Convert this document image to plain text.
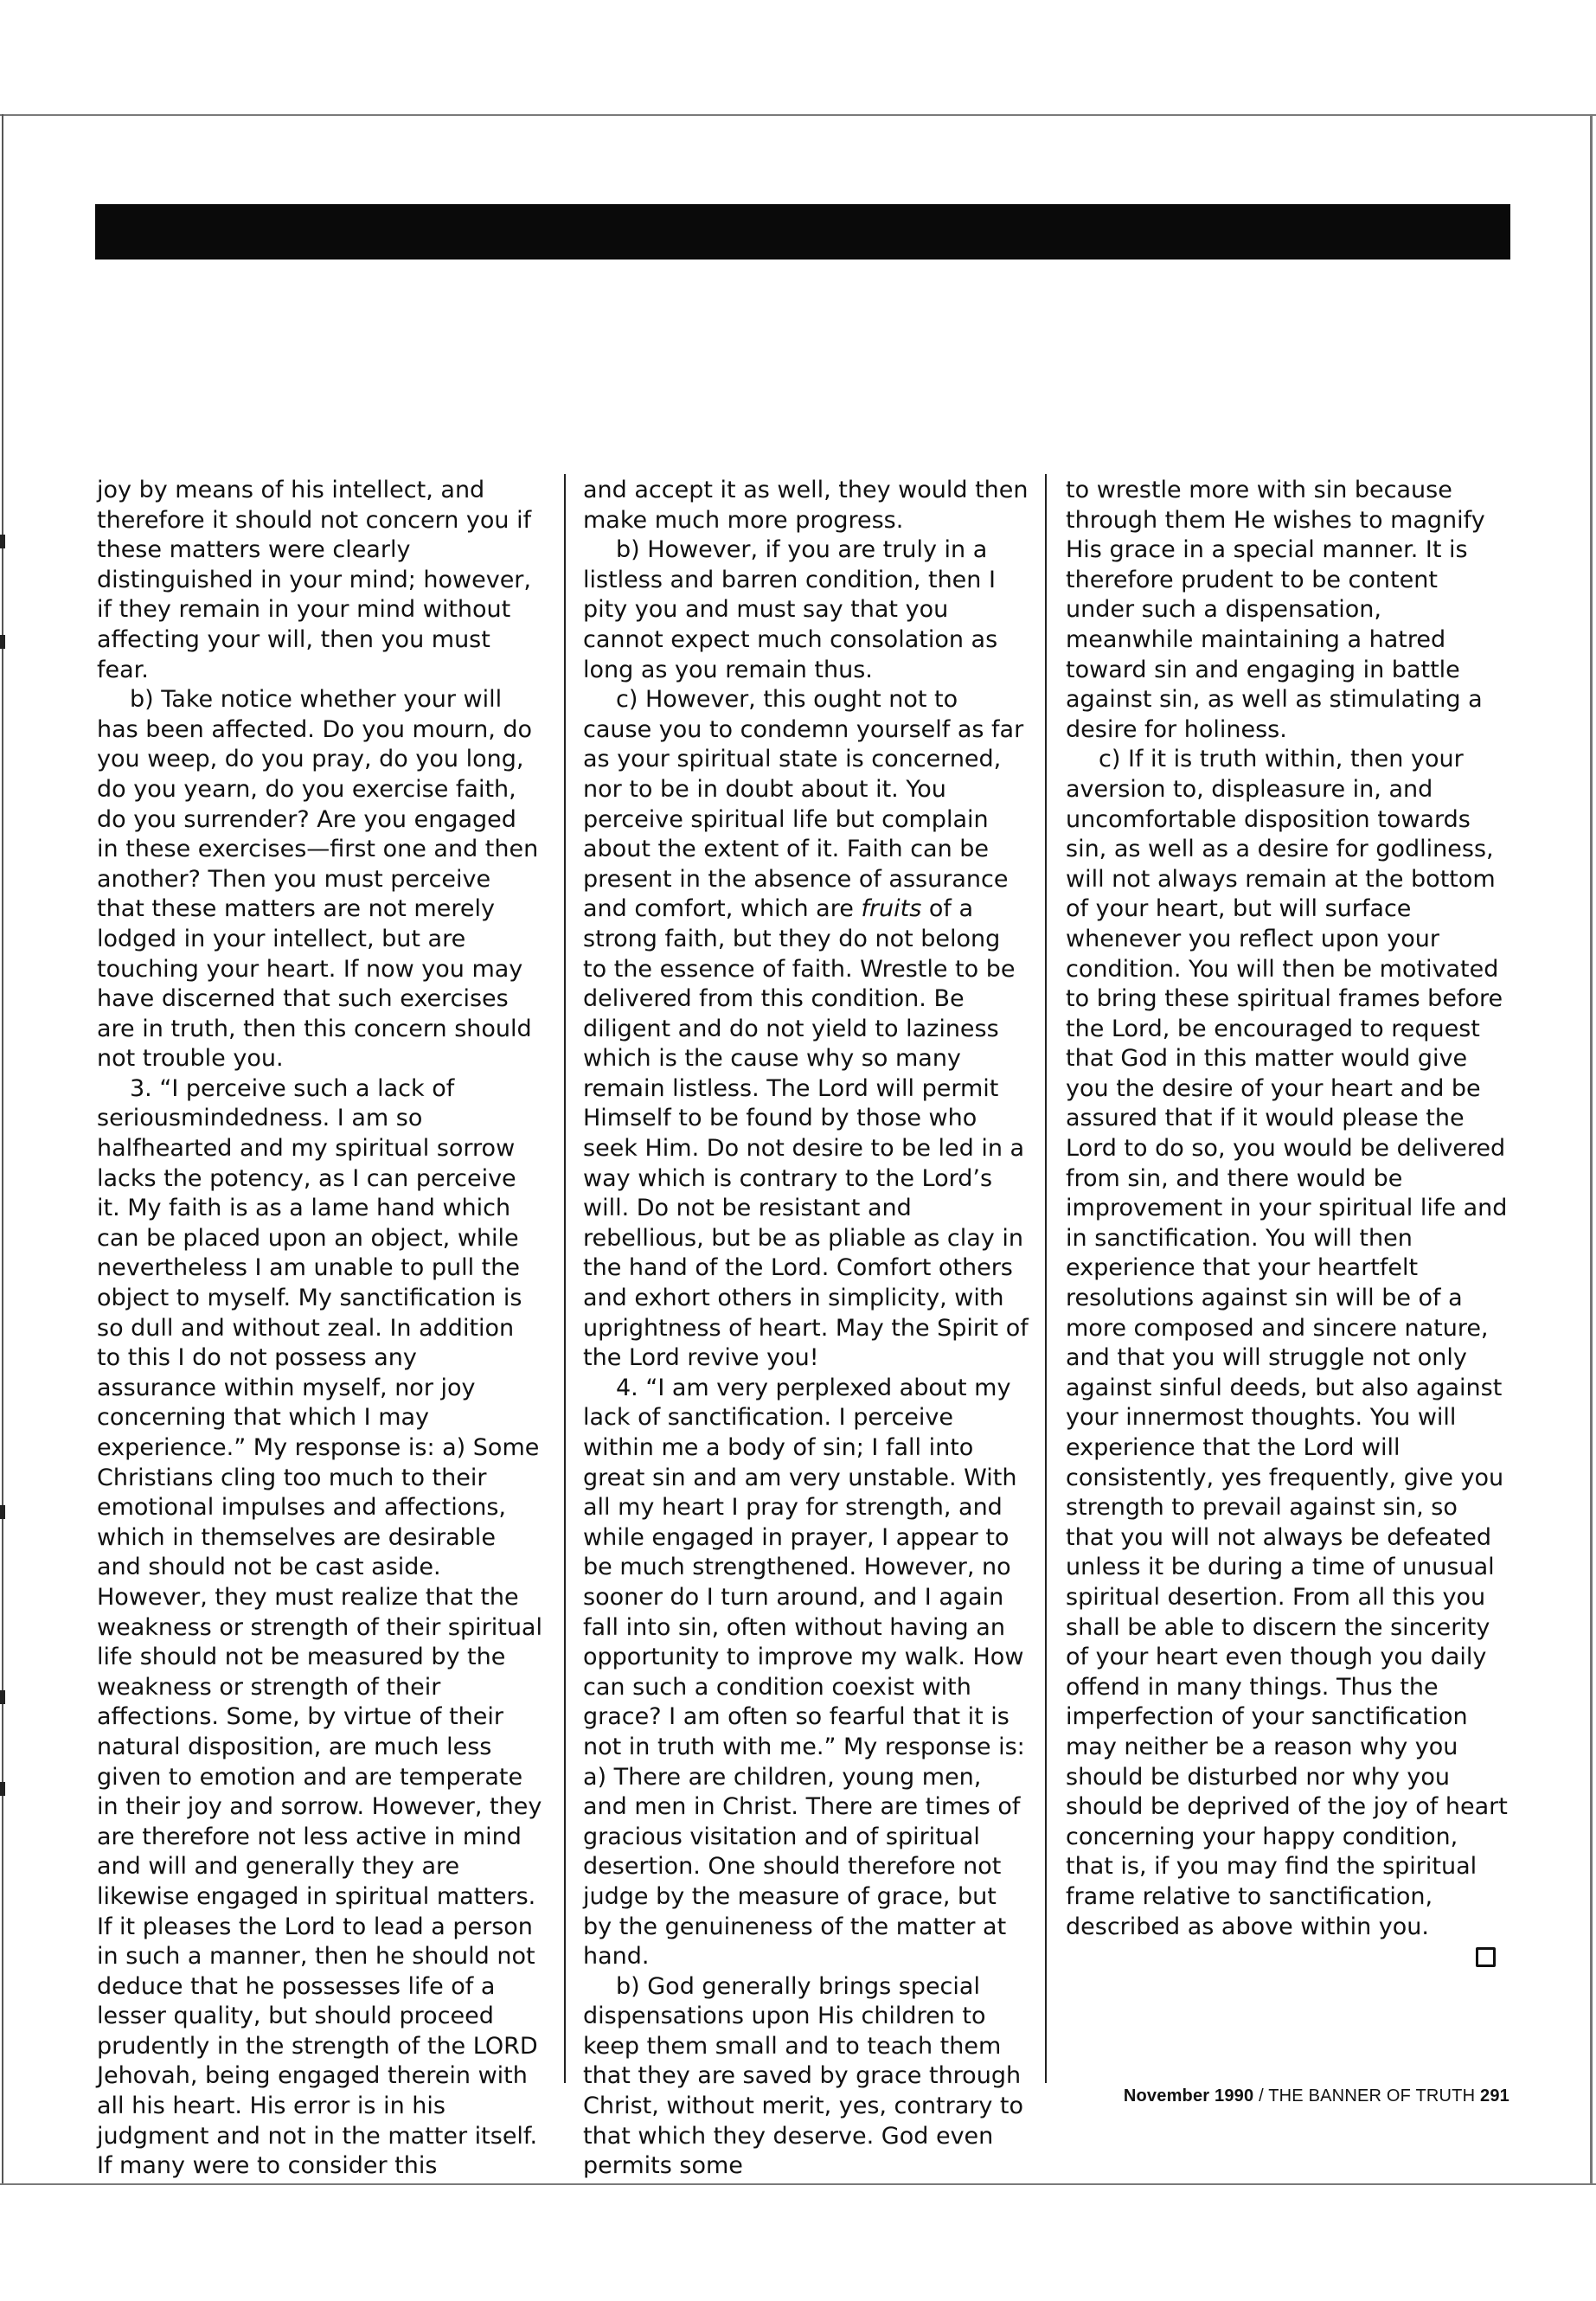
joy by means of his intellect, and therefore it should not concern you if these matters were clearly distinguished in your mind; however, if they remain in your mind without affecting your will, then you must fear.

b) Take notice whether your will has been affected. Do you mourn, do you weep, do you pray, do you long, do you yearn, do you exercise faith, do you surrender? Are you engaged in these exercises—first one and then another? Then you must perceive that these matters are not merely lodged in your intellect, but are touching your heart. If now you may have discerned that such exercises are in truth, then this concern should not trouble you.

3. “I perceive such a lack of seriousmindedness. I am so halfhearted and my spiritual sorrow lacks the potency, as I can perceive it. My faith is as a lame hand which can be placed upon an object, while nevertheless I am unable to pull the object to myself. My sanctification is so dull and without zeal. In addition to this I do not possess any assurance within myself, nor joy concerning that which I may experience.” My response is: a) Some Christians cling too much to their emotional impulses and affections, which in themselves are desirable and should not be cast aside. However, they must realize that the weakness or strength of their spiritual life should not be measured by the weakness or strength of their affections. Some, by virtue of their natural disposition, are much less given to emotion and are temperate in their joy and sorrow. However, they are therefore not less active in mind and will and generally they are likewise engaged in spiritual matters. If it pleases the Lord to lead a person in such a manner, then he should not deduce that he possesses life of a lesser quality, but should proceed prudently in the strength of the LORD Jehovah, being engaged therein with all his heart. His error is in his judgment and not in the matter itself. If many were to consider this

and accept it as well, they would then make much more progress.

b) However, if you are truly in a listless and barren condition, then I pity you and must say that you cannot expect much consolation as long as you remain thus.

c) However, this ought not to cause you to condemn yourself as far as your spiritual state is concerned, nor to be in doubt about it. You perceive spiritual life but complain about the extent of it. Faith can be present in the absence of assurance and comfort, which are fruits of a strong faith, but they do not belong to the essence of faith. Wrestle to be delivered from this condition. Be diligent and do not yield to laziness which is the cause why so many remain listless. The Lord will permit Himself to be found by those who seek Him. Do not desire to be led in a way which is contrary to the Lord’s will. Do not be resistant and rebellious, but be as pliable as clay in the hand of the Lord. Comfort others and exhort others in simplicity, with uprightness of heart. May the Spirit of the Lord revive you!

4. “I am very perplexed about my lack of sanctification. I perceive within me a body of sin; I fall into great sin and am very unstable. With all my heart I pray for strength, and while engaged in prayer, I appear to be much strengthened. However, no sooner do I turn around, and I again fall into sin, often without having an opportunity to improve my walk. How can such a condition coexist with grace? I am often so fearful that it is not in truth with me.” My response is: a) There are children, young men, and men in Christ. There are times of gracious visitation and of spiritual desertion. One should therefore not judge by the measure of grace, but by the genuineness of the matter at hand.

b) God generally brings special dispensations upon His children to keep them small and to teach them that they are saved by grace through Christ, without merit, yes, contrary to that which they deserve. God even permits some

to wrestle more with sin because through them He wishes to magnify His grace in a special manner. It is therefore prudent to be content under such a dispensation, meanwhile maintaining a hatred toward sin and engaging in battle against sin, as well as stimulating a desire for holiness.

c) If it is truth within, then your aversion to, displeasure in, and uncomfortable disposition towards sin, as well as a desire for godliness, will not always remain at the bottom of your heart, but will surface whenever you reflect upon your condition. You will then be motivated to bring these spiritual frames before the Lord, be encouraged to request that God in this matter would give you the desire of your heart and be assured that if it would please the Lord to do so, you would be delivered from sin, and there would be improvement in your spiritual life and in sanctification. You will then experience that your heartfelt resolutions against sin will be of a more composed and sincere nature, and that you will struggle not only against sinful deeds, but also against your innermost thoughts. You will experience that the Lord will consistently, yes frequently, give you strength to prevail against sin, so that you will not always be defeated unless it be during a time of unusual spiritual desertion. From all this you shall be able to discern the sincerity of your heart even though you daily offend in many things. Thus the imperfection of your sanctification may neither be a reason why you should be disturbed nor why you should be deprived of the joy of heart concerning your happy condition, that is, if you may find the spiritual frame relative to sanctification, described as above within you.

November 1990 / THE BANNER OF TRUTH 291
